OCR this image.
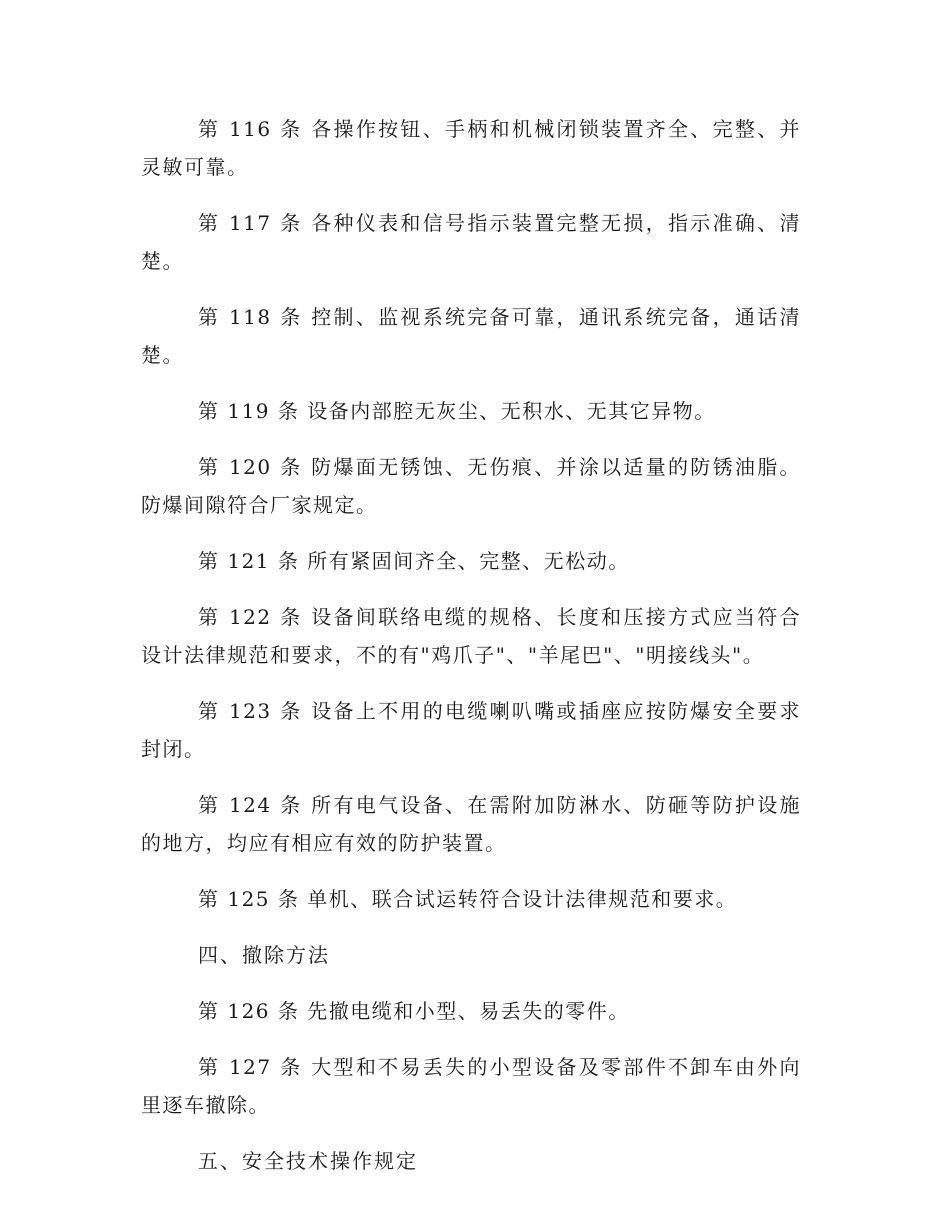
第 116 条 各操作按钮、手柄和机械闭锁装置齐全、完整、并灵敏可靠。

第 117 条 各种仪表和信号指示装置完整无损，指示准确、清楚。

第 118 条 控制、监视系统完备可靠，通讯系统完备，通话清楚。

第 119 条 设备内部腔无灰尘、无积水、无其它异物。

第 120 条 防爆面无锈蚀、无伤痕、并涂以适量的防锈油脂。防爆间隙符合厂家规定。

第 121 条 所有紧固间齐全、完整、无松动。

第 122 条 设备间联络电缆的规格、长度和压接方式应当符合设计法律规范和要求，不的有"鸡爪子"、"羊尾巴"、"明接线头"。

第 123 条 设备上不用的电缆喇叭嘴或插座应按防爆安全要求封闭。

第 124 条 所有电气设备、在需附加防淋水、防砸等防护设施的地方，均应有相应有效的防护装置。

第 125 条 单机、联合试运转符合设计法律规范和要求。

四、撤除方法

第 126 条 先撤电缆和小型、易丢失的零件。

第 127 条 大型和不易丢失的小型设备及零部件不卸车由外向里逐车撤除。

五、安全技术操作规定
